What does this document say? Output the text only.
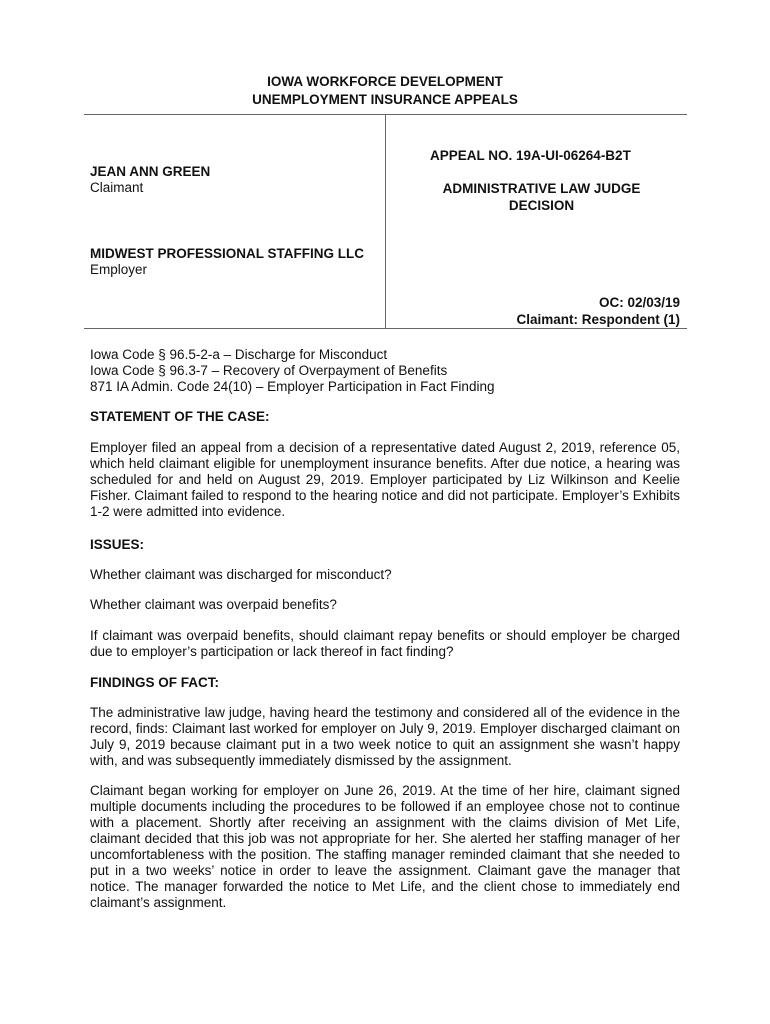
IOWA WORKFORCE DEVELOPMENT
UNEMPLOYMENT INSURANCE APPEALS
JEAN ANN GREEN
Claimant
MIDWEST PROFESSIONAL STAFFING LLC
Employer
APPEAL NO. 19A-UI-06264-B2T
ADMINISTRATIVE LAW JUDGE
DECISION
OC: 02/03/19
Claimant: Respondent (1)
Iowa Code § 96.5-2-a – Discharge for Misconduct
Iowa Code § 96.3-7 – Recovery of Overpayment of Benefits
871 IA Admin. Code 24(10) – Employer Participation in Fact Finding
STATEMENT OF THE CASE:
Employer filed an appeal from a decision of a representative dated August 2, 2019, reference 05, which held claimant eligible for unemployment insurance benefits. After due notice, a hearing was scheduled for and held on August 29, 2019. Employer participated by Liz Wilkinson and Keelie Fisher. Claimant failed to respond to the hearing notice and did not participate. Employer’s Exhibits 1-2 were admitted into evidence.
ISSUES:
Whether claimant was discharged for misconduct?
Whether claimant was overpaid benefits?
If claimant was overpaid benefits, should claimant repay benefits or should employer be charged due to employer’s participation or lack thereof in fact finding?
FINDINGS OF FACT:
The administrative law judge, having heard the testimony and considered all of the evidence in the record, finds: Claimant last worked for employer on July 9, 2019. Employer discharged claimant on July 9, 2019 because claimant put in a two week notice to quit an assignment she wasn’t happy with, and was subsequently immediately dismissed by the assignment.
Claimant began working for employer on June 26, 2019. At the time of her hire, claimant signed multiple documents including the procedures to be followed if an employee chose not to continue with a placement. Shortly after receiving an assignment with the claims division of Met Life, claimant decided that this job was not appropriate for her. She alerted her staffing manager of her uncomfortableness with the position. The staffing manager reminded claimant that she needed to put in a two weeks’ notice in order to leave the assignment. Claimant gave the manager that notice. The manager forwarded the notice to Met Life, and the client chose to immediately end claimant’s assignment.
